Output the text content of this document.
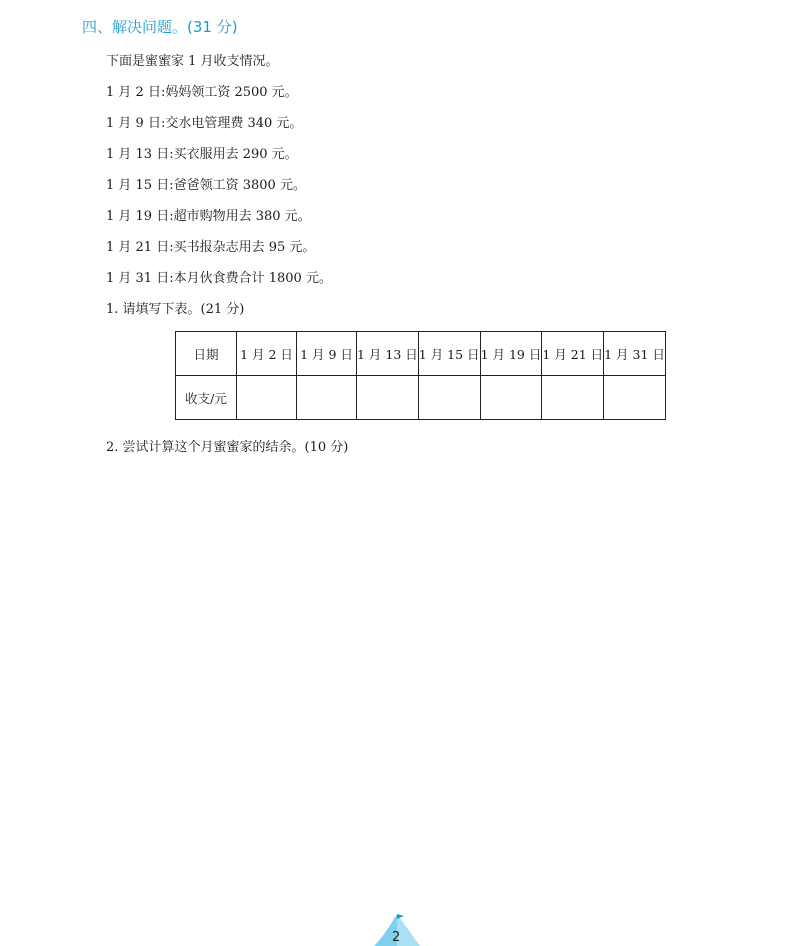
四、解决问题。(31 分)

下面是蜜蜜家 1 月收支情况。

1 月 2 日:妈妈领工资 2500 元。
1 月 9 日:交水电管理费 340 元。
1 月 13 日:买衣服用去 290 元。
1 月 15 日:爸爸领工资 3800 元。
1 月 19 日:超市购物用去 380 元。
1 月 21 日:买书报杂志用去 95 元。
1 月 31 日:本月伙食费合计 1800 元。

1. 请填写下表。(21 分)

日期	1 月 2 日	1 月 9 日	1 月 13 日	1 月 15 日	1 月 19 日	1 月 21 日	1 月 31 日
收支/元							

2. 尝试计算这个月蜜蜜家的结余。(10 分)

2
